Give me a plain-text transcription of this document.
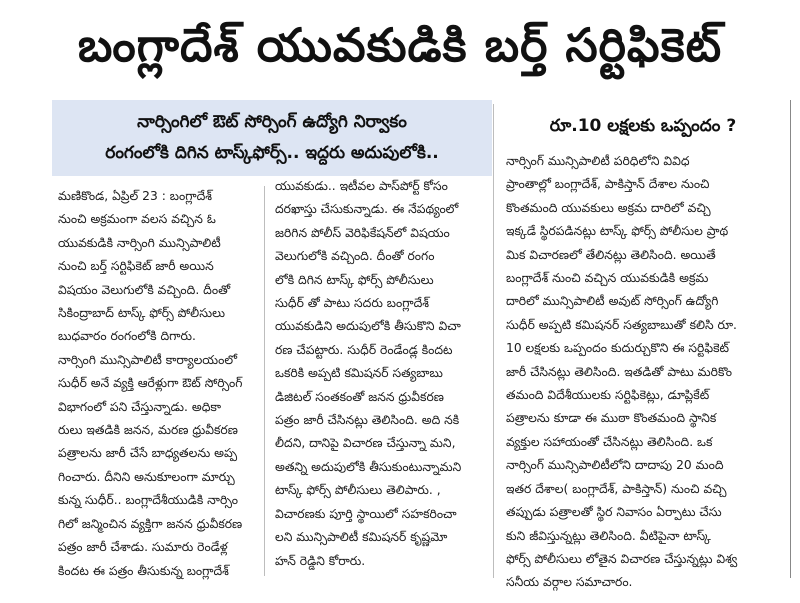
బంగ్లాదేశ్ యువకుడికి బర్త్ సర్టిఫికెట్
నార్సింగిలో ఔట్ సోర్సింగ్ ఉద్యోగి నిర్వాకం
రంగంలోకి దిగిన టాస్క్‌ఫోర్స్.. ఇద్దరు అదుపులోకి..
రూ.10 లక్షలకు ఒప్పందం ?
మణికొండ, ఏప్రిల్ 23 : బంగ్లాదేశ్
నుంచి అక్రమంగా వలస వచ్చిన ఓ
యువకుడికి నార్సింగి మున్సిపాలిటీ
నుంచి బర్త్ సర్టిఫికెట్ జారీ అయిన
విషయం వెలుగులోకి వచ్చింది. దీంతో
సికింద్రాబాద్ టాస్క్ ఫోర్స్ పోలీసులు
బుధవారం రంగంలోకి దిగారు.
నార్సింగి మున్సిపాలిటీ కార్యాలయంలో
సుధీర్ అనే వ్యక్తి ఆరేళ్లుగా ఔట్ సోర్సింగ్
విభాగంలో పని చేస్తున్నాడు. అధికా
రులు ఇతడికి జనన, మరణ ధ్రువీకరణ
పత్రాలను జారీ చేసే బాధ్యతలను అప్ప
గించారు. దీనిని అనుకూలంగా మార్చు
కున్న సుధీర్.. బంగ్లాదేశీయుడికి నార్సిం
గిలో జన్మించిన వ్యక్తిగా జనన ధ్రువీకరణ
పత్రం జారీ చేశాడు. సుమారు రెండేళ్ల
కిందట ఈ పత్రం తీసుకున్న బంగ్లాదేశ్
యువకుడు.. ఇటీవల పాస్‌పోర్ట్ కోసం
దరఖాస్తు చేసుకున్నాడు. ఈ నేపథ్యంలో
జరిగిన పోలీస్ వెరిఫికేషన్‌లో విషయం
వెలుగులోకి వచ్చింది. దీంతో రంగం
లోకి దిగిన టాస్క్ ఫోర్స్ పోలీసులు
సుధీర్ తో పాటు సదరు బంగ్లాదేశ్
యువకుడిని అదుపులోకి తీసుకొని విచా
రణ చేపట్టారు. సుధీర్ రెండేండ్ల కిందట
ఒకరికి అప్పటి కమిషనర్ సత్యబాబు
డిజిటల్ సంతకంతో జనన ధ్రువీకరణ
పత్రం జారీ చేసినట్లు తెలిసింది. అది నకి
లీదని, దానిపై విచారణ చేస్తున్నా మని,
అతన్ని అదుపులోకి తీసుకుంటున్నామని
టాస్క్ ఫోర్స్ పోలీసులు తెలిపారు. ,
విచారణకు పూర్తి స్థాయిలో సహకరించా
లని మున్సిపాలిటీ కమిషనర్ కృష్ణమో
హన్ రెడ్డిని కోరారు.
నార్సింగ్ మున్సిపాలిటీ పరిధిలోని వివిధ
ప్రాంతాల్లో బంగ్లాదేశ్, పాకిస్తాన్ దేశాల నుంచి
కొంతమంది యువకులు అక్రమ దారిలో వచ్చి
ఇక్కడే స్థిరపడినట్లు టాస్క్ ఫోర్స్ పోలీసుల ప్రాథ
మిక విచారణలో తేలినట్లు తెలిసింది. అయితే
బంగ్లాదేశ్ నుంచి వచ్చిన యువకుడికి అక్రమ
దారిలో మున్సిపాలిటీ అవుట్ సోర్సింగ్ ఉద్యోగి
సుధీర్ అప్పటి కమిషనర్ సత్యబాబుతో కలిసి రూ.
10 లక్షలకు ఒప్పందం కుదుర్చుకొని ఈ సర్టిఫికెట్
జారీ చేసినట్లు తెలిసింది. ఇతడితో పాటు మరికొం
తమంది విదేశీయులకు సర్టిఫికెట్లు, డూప్లికేట్
పత్రాలను కూడా ఈ ముఠా కొంతమంది స్థానిక
వ్యక్తుల సహాయంతో చేసినట్లు తెలిసింది. ఒక
నార్సింగ్ మున్సిపాలిటీలోని దాదాపు 20 మంది
ఇతర దేశాల( బంగ్లాదేశ్, పాకిస్తాన్) నుంచి వచ్చి
తప్పుడు పత్రాలతో స్థిర నివాసం ఏర్పాటు చేసు
కుని జీవిస్తున్నట్లు తెలిసింది. వీటిపైనా టాస్క్
ఫోర్స్ పోలీసులు లోతైన విచారణ చేస్తున్నట్లు విశ్వ
సనీయ వర్గాల సమాచారం.
